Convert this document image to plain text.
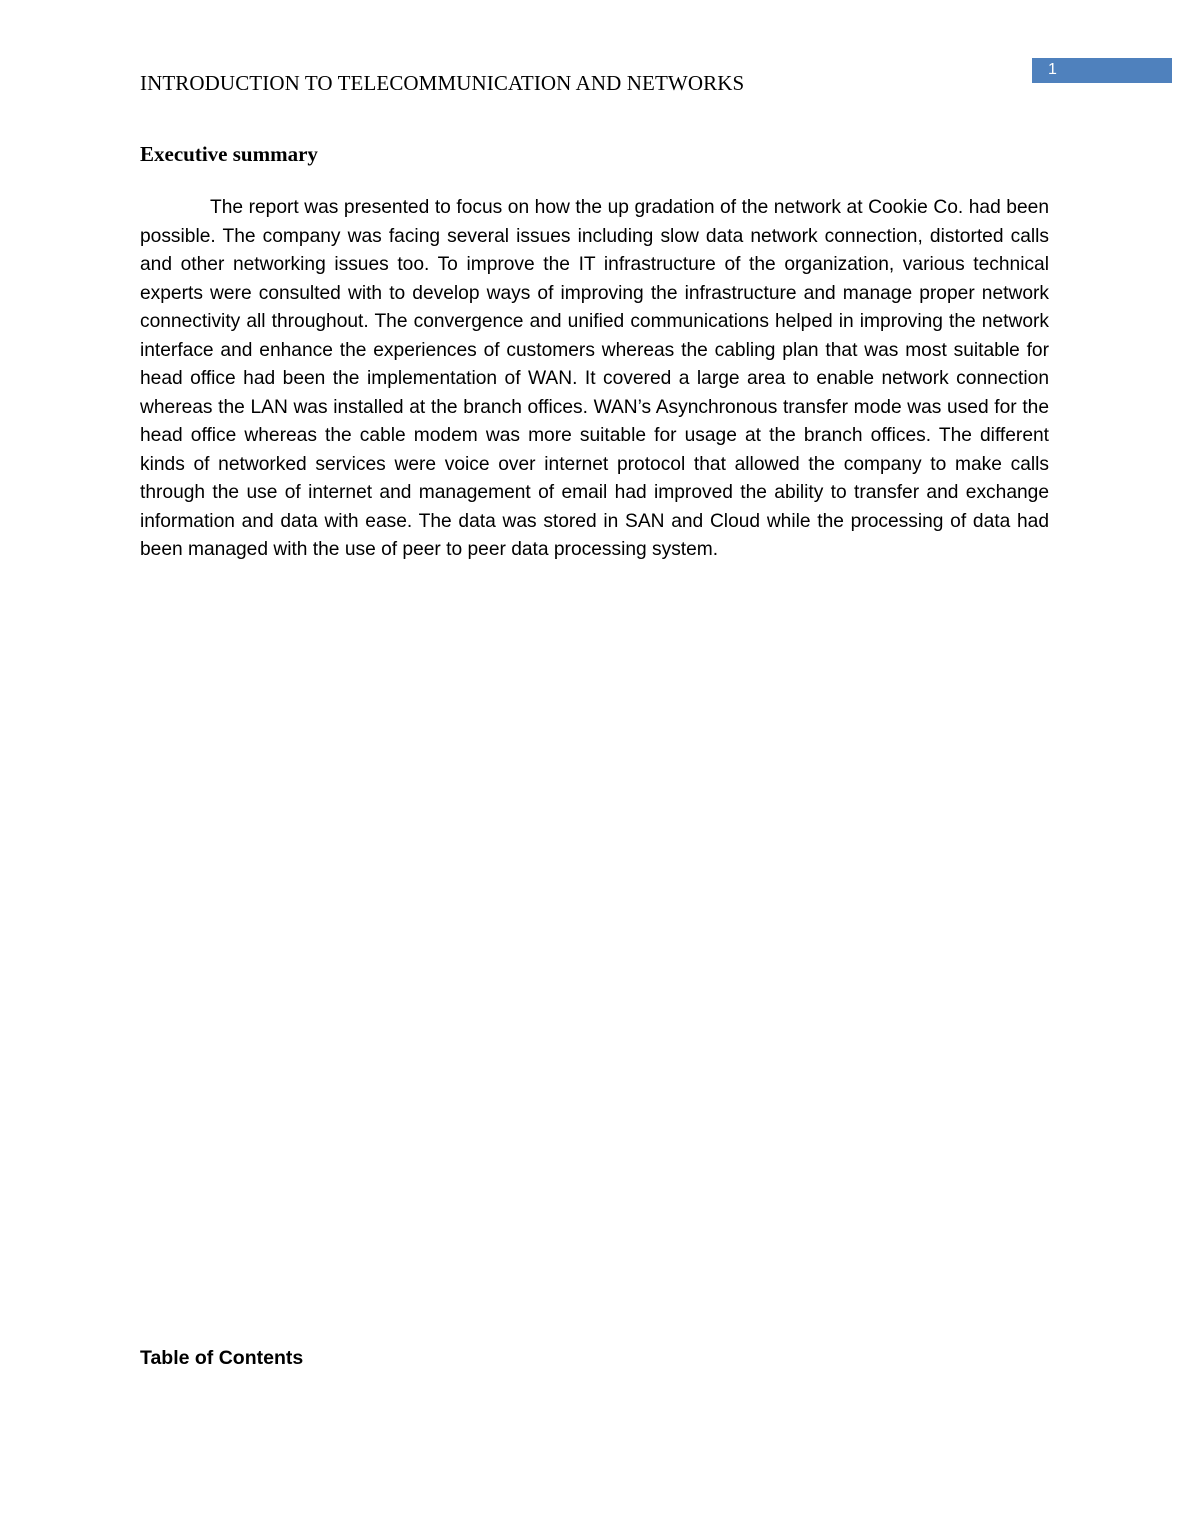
1
INTRODUCTION TO TELECOMMUNICATION AND NETWORKS
Executive summary

The report was presented to focus on how the up gradation of the network at Cookie Co. had been possible. The company was facing several issues including slow data network connection, distorted calls and other networking issues too. To improve the IT infrastructure of the organization, various technical experts were consulted with to develop ways of improving the infrastructure and manage proper network connectivity all throughout. The convergence and unified communications helped in improving the network interface and enhance the experiences of customers whereas the cabling plan that was most suitable for head office had been the implementation of WAN. It covered a large area to enable network connection whereas the LAN was installed at the branch offices. WAN’s Asynchronous transfer mode was used for the head office whereas the cable modem was more suitable for usage at the branch offices. The different kinds of networked services were voice over internet protocol that allowed the company to make calls through the use of internet and management of email had improved the ability to transfer and exchange information and data with ease. The data was stored in SAN and Cloud while the processing of data had been managed with the use of peer to peer data processing system.

Table of Contents
